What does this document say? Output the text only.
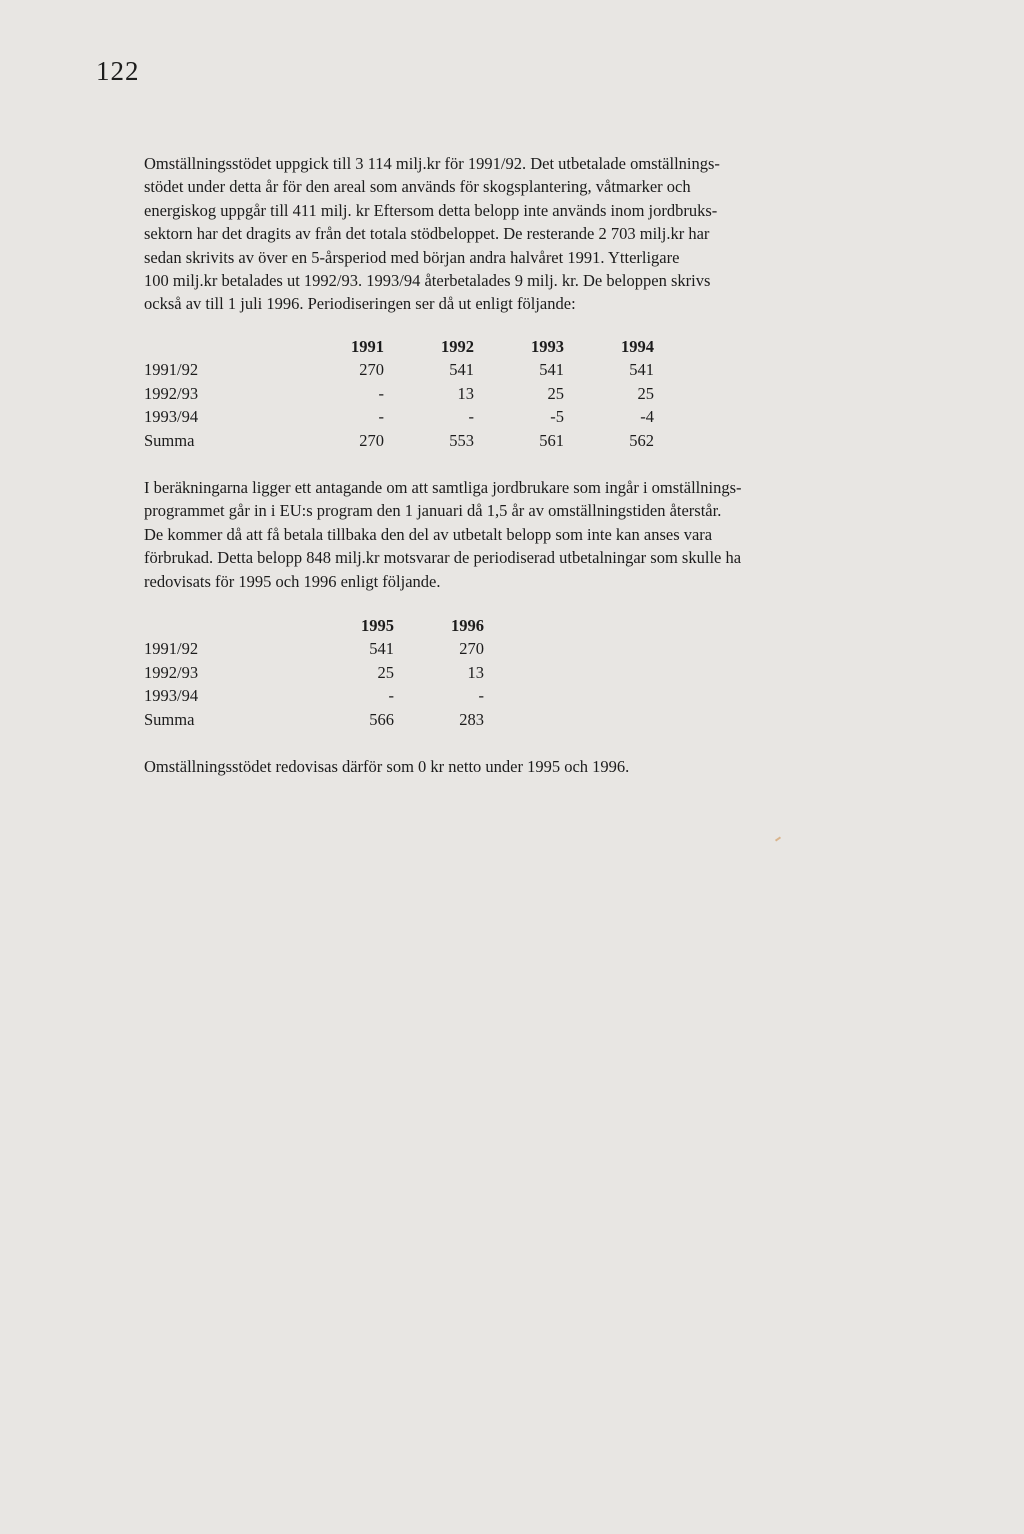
122
Omställningsstödet uppgick till 3 114 milj.kr för 1991/92. Det utbetalade omställnings-
stödet under detta år för den areal som används för skogsplantering, våtmarker och
energiskog uppgår till 411 milj. kr Eftersom detta belopp inte används inom jordbruks-
sektorn har det dragits av från det totala stödbeloppet. De resterande 2 703 milj.kr har
sedan skrivits av över en 5-årsperiod med början andra halvåret 1991. Ytterligare
100 milj.kr betalades ut 1992/93. 1993/94 återbetalades 9 milj. kr. De beloppen skrivs
också av till 1 juli 1996. Periodiseringen ser då ut enligt följande:
	1991	1992	1993	1994
1991/92	270	541	541	541
1992/93	-	13	25	25
1993/94	-	-	-5	-4
Summa	270	553	561	562
I beräkningarna ligger ett antagande om att samtliga jordbrukare som ingår i omställnings-
programmet går in i EU:s program den 1 januari då 1,5 år av omställningstiden återstår.
De kommer då att få betala tillbaka den del av utbetalt belopp som inte kan anses vara
förbrukad. Detta belopp 848 milj.kr motsvarar de periodiserad utbetalningar som skulle ha
redovisats för 1995 och 1996 enligt följande.
	1995	1996
1991/92	541	270
1992/93	25	13
1993/94	-	-
Summa	566	283
Omställningsstödet redovisas därför som 0 kr netto under 1995 och 1996.
